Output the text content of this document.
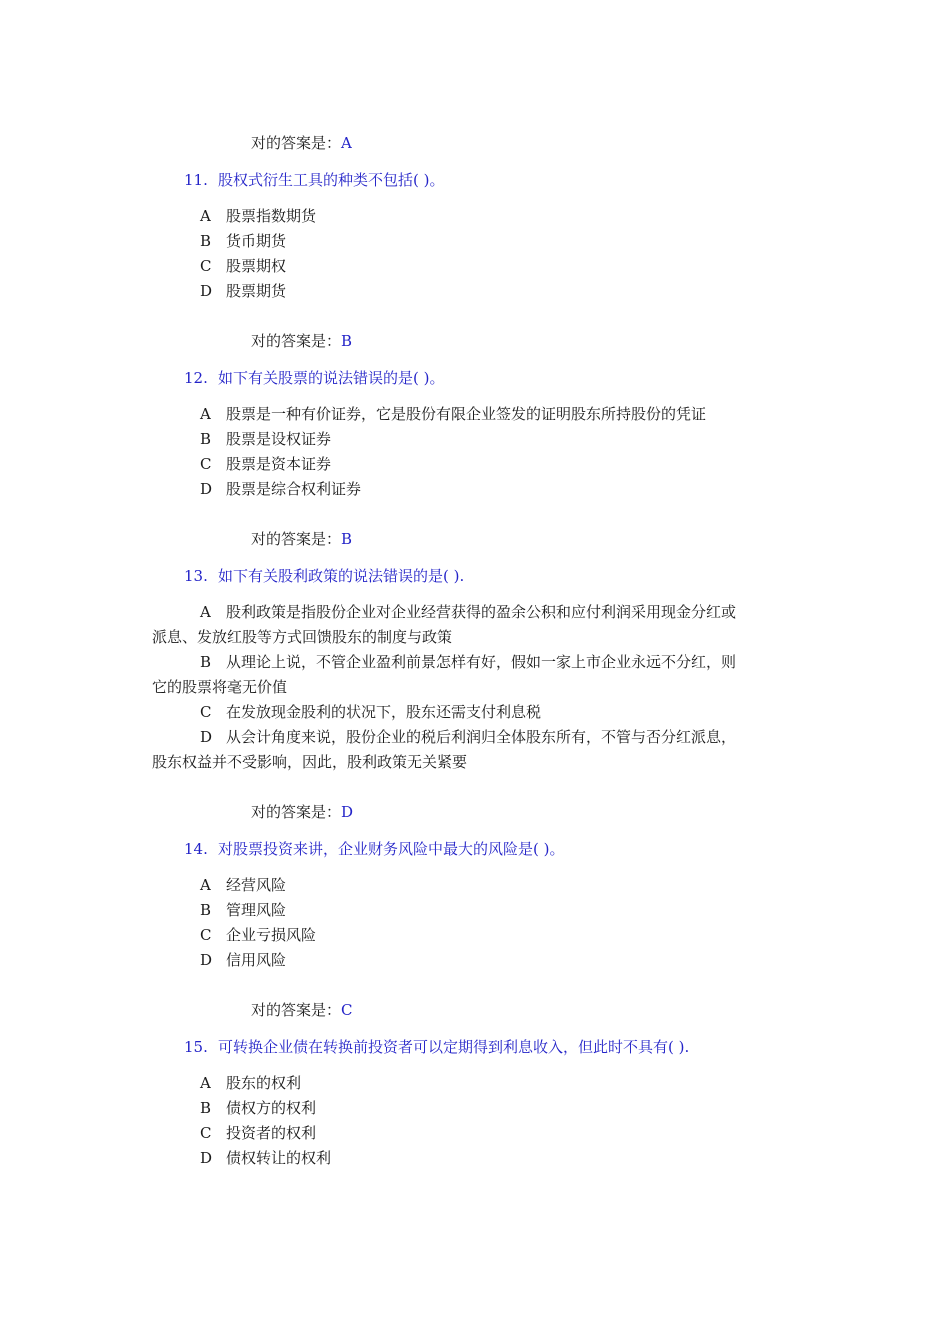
对的答案是：A
11. 股权式衍生工具的种类不包括( )。
A 股票指数期货
B 货币期货
C 股票期权
D 股票期货
对的答案是：B
12. 如下有关股票的说法错误的是( )。
A 股票是一种有价证券，它是股份有限企业签发的证明股东所持股份的凭证
B 股票是设权证券
C 股票是资本证券
D 股票是综合权利证券
对的答案是：B
13. 如下有关股利政策的说法错误的是( ).
A 股利政策是指股份企业对企业经营获得的盈余公积和应付利润采用现金分红或
派息、发放红股等方式回馈股东的制度与政策
B 从理论上说，不管企业盈利前景怎样有好，假如一家上市企业永远不分红，则
它的股票将毫无价值
C 在发放现金股利的状况下，股东还需支付利息税
D 从会计角度来说，股份企业的税后利润归全体股东所有，不管与否分红派息，
股东权益并不受影响，因此，股利政策无关紧要
对的答案是：D
14. 对股票投资来讲，企业财务风险中最大的风险是( )。
A 经营风险
B 管理风险
C 企业亏损风险
D 信用风险
对的答案是：C
15. 可转换企业债在转换前投资者可以定期得到利息收入，但此时不具有( ).
A 股东的权利
B 债权方的权利
C 投资者的权利
D 债权转让的权利
